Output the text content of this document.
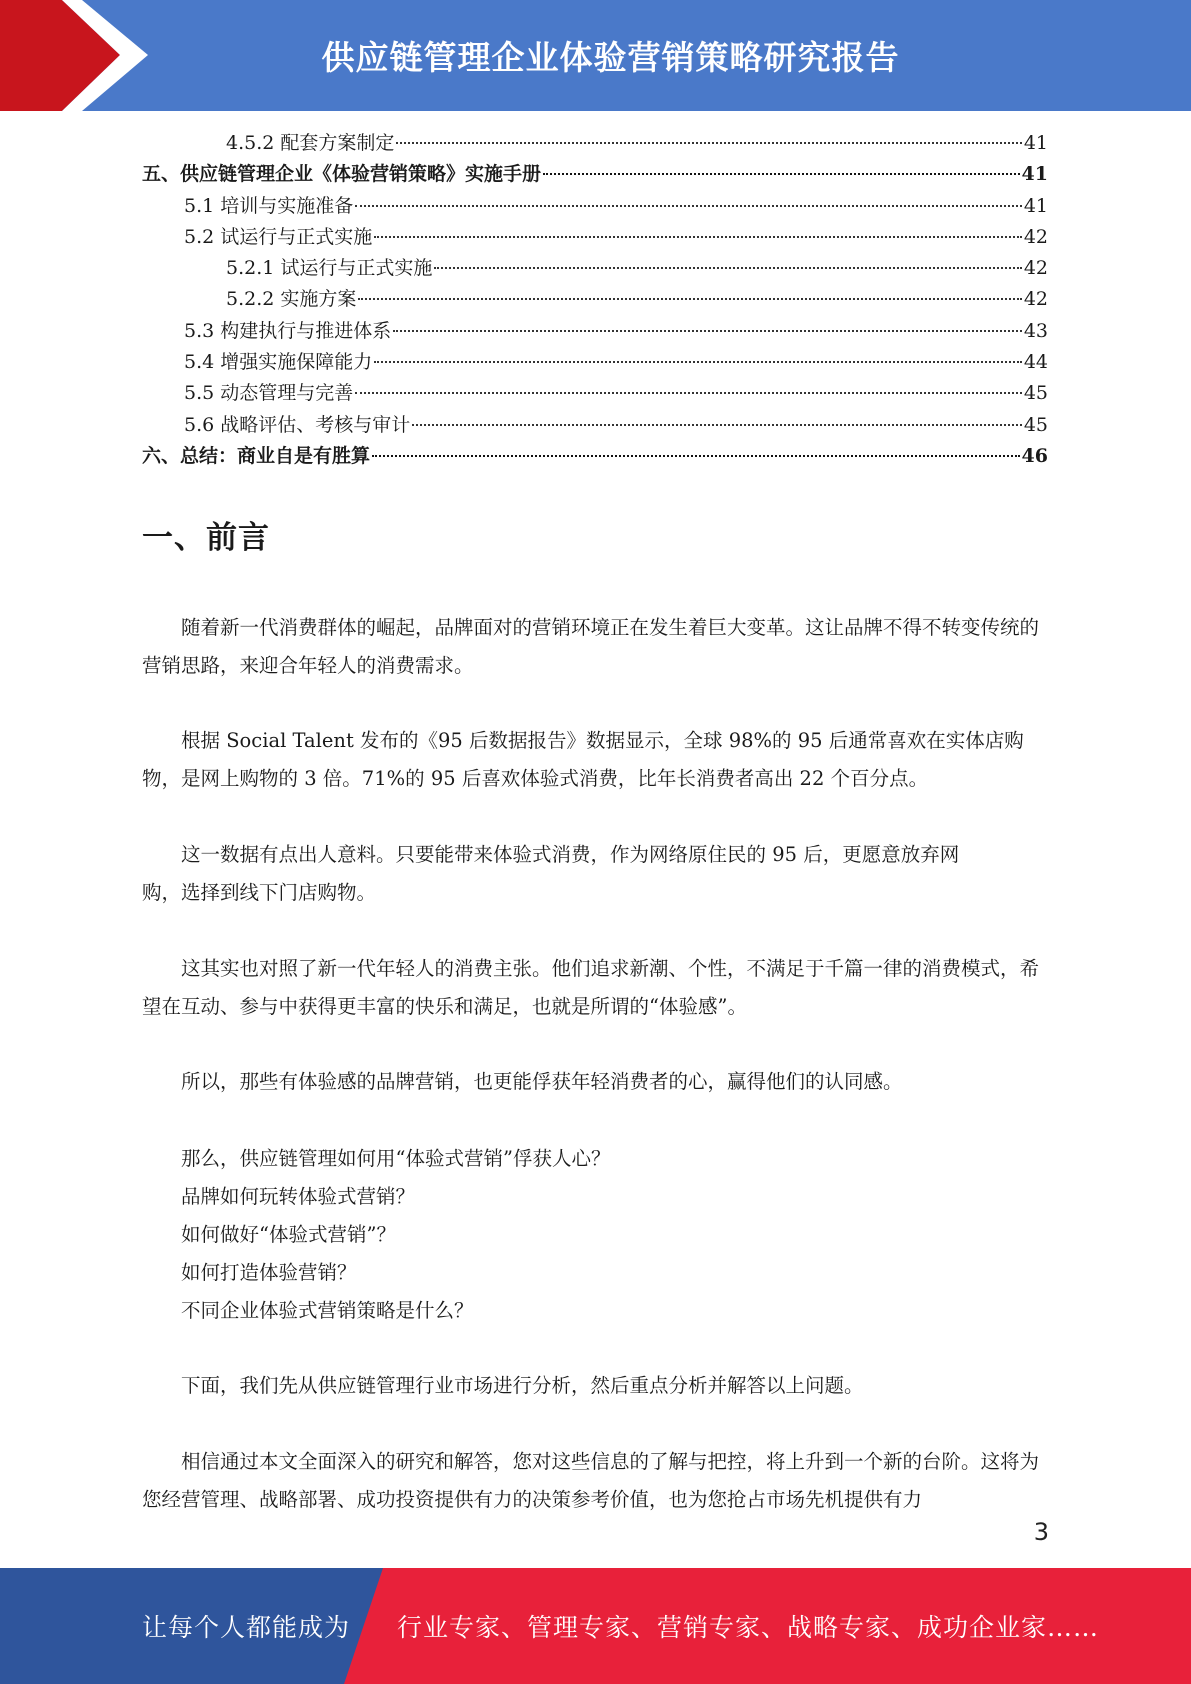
供应链管理企业体验营销策略研究报告
4.5.2 配套方案制定	41
五、供应链管理企业《体验营销策略》实施手册	41
5.1 培训与实施准备	41
5.2 试运行与正式实施	42
5.2.1 试运行与正式实施	42
5.2.2 实施方案	42
5.3 构建执行与推进体系	43
5.4 增强实施保障能力	44
5.5 动态管理与完善	45
5.6 战略评估、考核与审计	45
六、总结：商业自是有胜算	46
一、前言

随着新一代消费群体的崛起，品牌面对的营销环境正在发生着巨大变革。这让品牌不得不转变传统的营销思路，来迎合年轻人的消费需求。

根据 Social Talent 发布的《95 后数据报告》数据显示，全球 98%的 95 后通常喜欢在实体店购物，是网上购物的 3 倍。71%的 95 后喜欢体验式消费，比年长消费者高出 22 个百分点。

这一数据有点出人意料。只要能带来体验式消费，作为网络原住民的 95 后，更愿意放弃网

购，选择到线下门店购物。

这其实也对照了新一代年轻人的消费主张。他们追求新潮、个性，不满足于千篇一律的消费模式，希望在互动、参与中获得更丰富的快乐和满足，也就是所谓的“体验感”。

所以，那些有体验感的品牌营销，也更能俘获年轻消费者的心，赢得他们的认同感。

那么，供应链管理如何用“体验式营销”俘获人心？

品牌如何玩转体验式营销？

如何做好“体验式营销”？

如何打造体验营销？

不同企业体验式营销策略是什么？

下面，我们先从供应链管理行业市场进行分析，然后重点分析并解答以上问题。

相信通过本文全面深入的研究和解答，您对这些信息的了解与把控，将上升到一个新的台阶。这将为您经营管理、战略部署、成功投资提供有力的决策参考价值，也为您抢占市场先机提供有力

3
让每个人都能成为 行业专家、管理专家、营销专家、战略专家、成功企业家……
